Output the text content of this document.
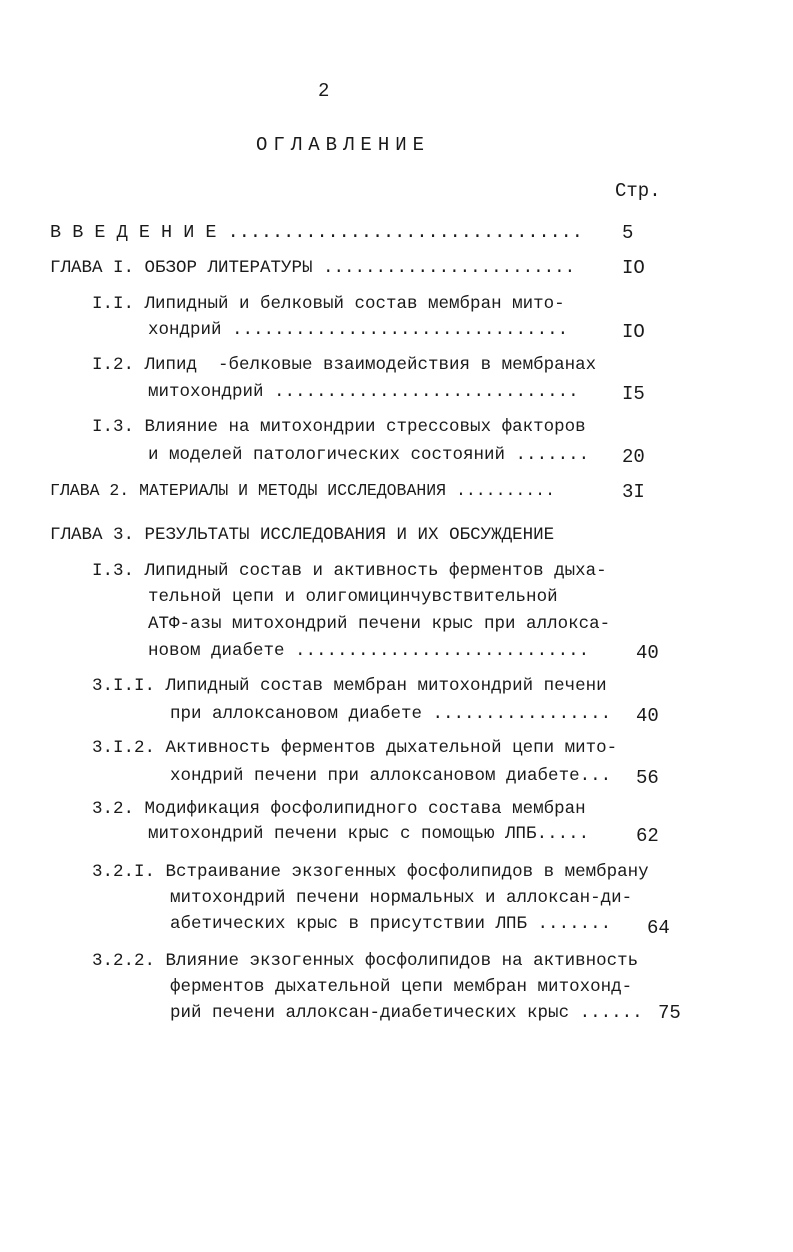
2
ОГЛАВЛЕНИЕ
Стр.
В В Е Д Е Н И Е ................................ 5
ГЛАВА I. ОБЗОР ЛИТЕРАТУРЫ ........................ IO
I.I. Липидный и белковый состав мембран мито-
хондрий ................................	IO
I.2. Липид  -белковые взаимодействия в мембранах
митохондрий ............................. I5
I.3. Влияние на митохондрии стрессовых факторов
и моделей патологических состояний ....... 20
ГЛАВА 2. МАТЕРИАЛЫ И МЕТОДЫ ИССЛЕДОВАНИЯ ..........	3I
ГЛАВА 3. РЕЗУЛЬТАТЫ ИССЛЕДОВАНИЯ И ИХ ОБСУЖДЕНИЕ
I.3. Липидный состав и активность ферментов дыха-
тельной цепи и олигомицинчувствительной
АТФ-азы митохондрий печени крыс при аллокса-
новом диабете ............................ 40
3.I.I. Липидный состав мембран митохондрий печени
при аллоксановом диабете ................. 40
3.I.2. Активность ферментов дыхательной цепи мито-
хондрий печени при аллоксановом диабете... 56
3.2. Модификация фосфолипидного состава мембран
митохондрий печени крыс с помощью ЛПБ..... 62
3.2.I. Встраивание экзогенных фосфолипидов в мембрану
митохондрий печени нормальных и аллоксан-ди-
абетических крыс в присутствии ЛПБ ....... 64
3.2.2. Влияние экзогенных фосфолипидов на активность
ферментов дыхательной цепи мембран митохонд-
рий печени аллоксан-диабетических крыс ...... 75
